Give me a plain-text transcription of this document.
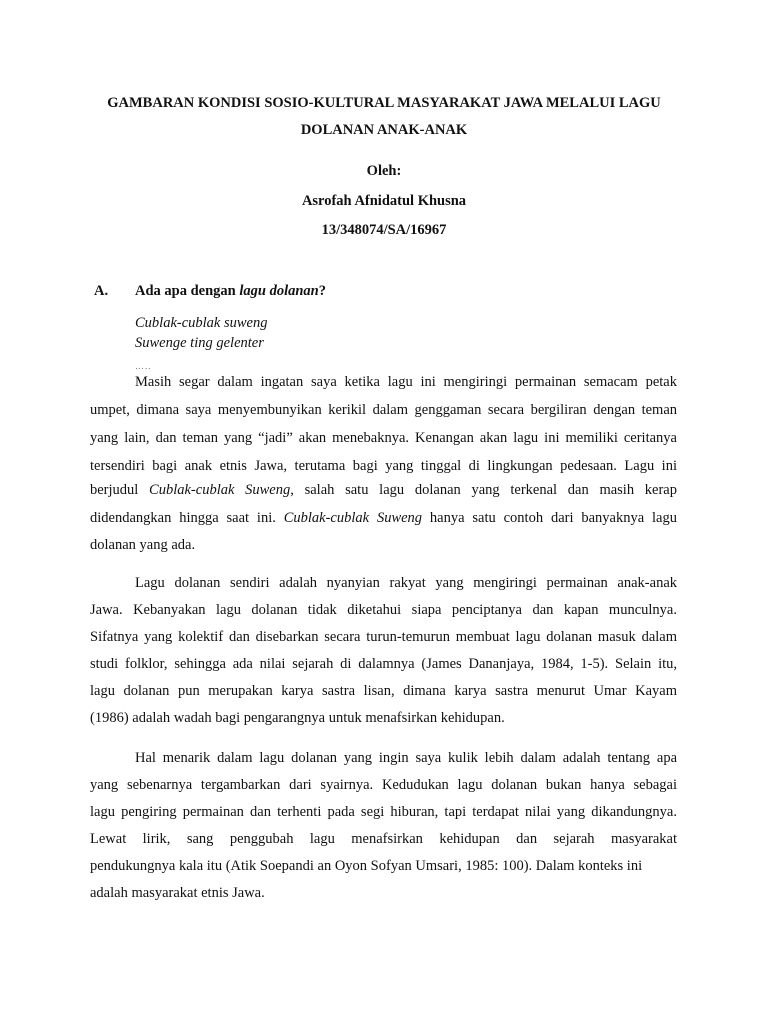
GAMBARAN KONDISI SOSIO-KULTURAL MASYARAKAT JAWA MELALUI LAGU
DOLANAN ANAK-ANAK
Oleh:
Asrofah Afnidatul Khusna
13/348074/SA/16967
A. Ada apa dengan lagu dolanan?
Cublak-cublak suweng
Suwenge ting gelenter
…..
Masih segar dalam ingatan saya ketika lagu ini mengiringi permainan semacam petak
umpet, dimana saya menyembunyikan kerikil dalam genggaman secara bergiliran dengan teman
yang lain, dan teman yang “jadi” akan menebaknya. Kenangan akan lagu ini memiliki ceritanya
tersendiri bagi anak etnis Jawa, terutama bagi yang tinggal di lingkungan pedesaan. Lagu ini
berjudul Cublak-cublak Suweng, salah satu lagu dolanan yang terkenal dan masih kerap
didendangkan hingga saat ini. Cublak-cublak Suweng hanya satu contoh dari banyaknya lagu
dolanan yang ada.
Lagu dolanan sendiri adalah nyanyian rakyat yang mengiringi permainan anak-anak
Jawa. Kebanyakan lagu dolanan tidak diketahui siapa penciptanya dan kapan munculnya.
Sifatnya yang kolektif dan disebarkan secara turun-temurun membuat lagu dolanan masuk dalam
studi folklor, sehingga ada nilai sejarah di dalamnya (James Dananjaya, 1984, 1-5). Selain itu,
lagu dolanan pun merupakan karya sastra lisan, dimana karya sastra menurut Umar Kayam
(1986) adalah wadah bagi pengarangnya untuk menafsirkan kehidupan.
Hal menarik dalam lagu dolanan yang ingin saya kulik lebih dalam adalah tentang apa
yang sebenarnya tergambarkan dari syairnya. Kedudukan lagu dolanan bukan hanya sebagai
lagu pengiring permainan dan terhenti pada segi hiburan, tapi terdapat nilai yang dikandungnya.
Lewat lirik, sang penggubah lagu menafsirkan kehidupan dan sejarah masyarakat
pendukungnya kala itu (Atik Soepandi an Oyon Sofyan Umsari, 1985: 100). Dalam konteks ini
adalah masyarakat etnis Jawa.
